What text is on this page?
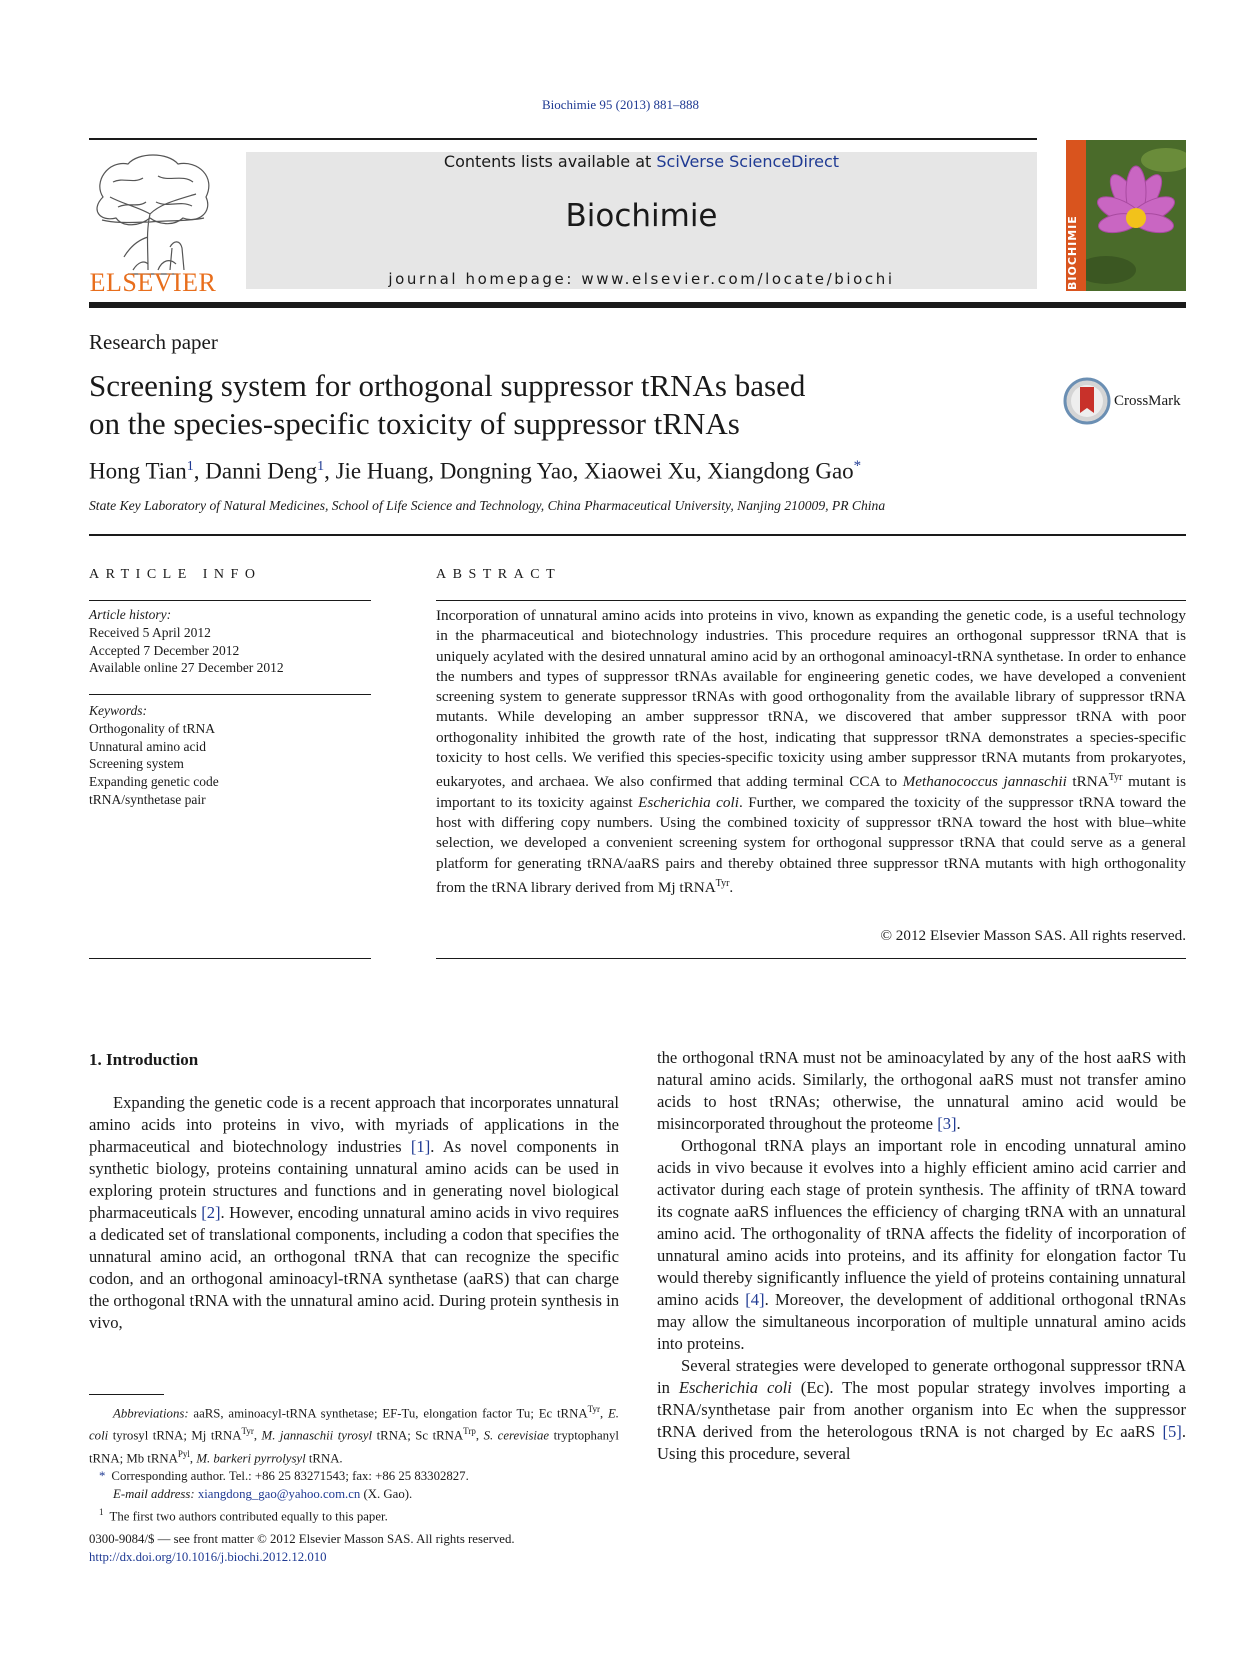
Biochimie 95 (2013) 881–888
Contents lists available at SciVerse ScienceDirect
Biochimie
journal homepage: www.elsevier.com/locate/biochi
ELSEVIER
Research paper
Screening system for orthogonal suppressor tRNAs based
on the species-specific toxicity of suppressor tRNAs
CrossMark
Hong Tian$^1$, Danni Deng$^1$, Jie Huang, Dongning Yao, Xiaowei Xu, Xiangdong Gao*
State Key Laboratory of Natural Medicines, School of Life Science and Technology, China Pharmaceutical University, Nanjing 210009, PR China
ARTICLE INFO
Article history:
Received 5 April 2012
Accepted 7 December 2012
Available online 27 December 2012
Keywords:
Orthogonality of tRNA
Unnatural amino acid
Screening system
Expanding genetic code
tRNA/synthetase pair
ABSTRACT
Incorporation of unnatural amino acids into proteins in vivo, known as expanding the genetic code, is a useful technology in the pharmaceutical and biotechnology industries. This procedure requires an orthogonal suppressor tRNA that is uniquely acylated with the desired unnatural amino acid by an orthogonal aminoacyl-tRNA synthetase. In order to enhance the numbers and types of suppressor tRNAs available for engineering genetic codes, we have developed a convenient screening system to generate suppressor tRNAs with good orthogonality from the available library of suppressor tRNA mutants. While developing an amber suppressor tRNA, we discovered that amber suppressor tRNA with poor orthogonality inhibited the growth rate of the host, indicating that suppressor tRNA demonstrates a species-specific toxicity to host cells. We verified this species-specific toxicity using amber suppressor tRNA mutants from prokaryotes, eukaryotes, and archaea. We also confirmed that adding terminal CCA to Methanococcus jannaschii tRNA$^{Tyr}$ mutant is important to its toxicity against Escherichia coli. Further, we compared the toxicity of the suppressor tRNA toward the host with differing copy numbers. Using the combined toxicity of suppressor tRNA toward the host with blue–white selection, we developed a convenient screening system for orthogonal suppressor tRNA that could serve as a general platform for generating tRNA/aaRS pairs and thereby obtained three suppressor tRNA mutants with high orthogonality from the tRNA library derived from Mj tRNA$^{Tyr}$.
© 2012 Elsevier Masson SAS. All rights reserved.
1. Introduction

Expanding the genetic code is a recent approach that incorporates unnatural amino acids into proteins in vivo, with myriads of applications in the pharmaceutical and biotechnology industries [1]. As novel components in synthetic biology, proteins containing unnatural amino acids can be used in exploring protein structures and functions and in generating novel biological pharmaceuticals [2]. However, encoding unnatural amino acids in vivo requires a dedicated set of translational components, including a codon that specifies the unnatural amino acid, an orthogonal tRNA that can recognize the specific codon, and an orthogonal aminoacyl-tRNA synthetase (aaRS) that can charge the orthogonal tRNA with the unnatural amino acid. During protein synthesis in vivo,

the orthogonal tRNA must not be aminoacylated by any of the host aaRS with natural amino acids. Similarly, the orthogonal aaRS must not transfer amino acids to host tRNAs; otherwise, the unnatural amino acid would be misincorporated throughout the proteome [3].

Orthogonal tRNA plays an important role in encoding unnatural amino acids in vivo because it evolves into a highly efficient amino acid carrier and activator during each stage of protein synthesis. The affinity of tRNA toward its cognate aaRS influences the efficiency of charging tRNA with an unnatural amino acid. The orthogonality of tRNA affects the fidelity of incorporation of unnatural amino acids into proteins, and its affinity for elongation factor Tu would thereby significantly influence the yield of proteins containing unnatural amino acids [4]. Moreover, the development of additional orthogonal tRNAs may allow the simultaneous incorporation of multiple unnatural amino acids into proteins.

Several strategies were developed to generate orthogonal suppressor tRNA in Escherichia coli (Ec). The most popular strategy involves importing a tRNA/synthetase pair from another organism into Ec when the suppressor tRNA derived from the heterologous tRNA is not charged by Ec aaRS [5]. Using this procedure, several

Abbreviations: aaRS, aminoacyl-tRNA synthetase; EF-Tu, elongation factor Tu; Ec tRNA$^{Tyr}$, E. coli tyrosyl tRNA; Mj tRNA$^{Tyr}$, M. jannaschii tyrosyl tRNA; Sc tRNA$^{Trp}$, S. cerevisiae tryptophanyl tRNA; Mb tRNA$^{Pyl}$, M. barkeri pyrrolysyl tRNA.
* Corresponding author. Tel.: +86 25 83271543; fax: +86 25 83302827.
E-mail address: xiangdong_gao@yahoo.com.cn (X. Gao).
$^1$ The first two authors contributed equally to this paper.
0300-9084/$ — see front matter © 2012 Elsevier Masson SAS. All rights reserved.
http://dx.doi.org/10.1016/j.biochi.2012.12.010
